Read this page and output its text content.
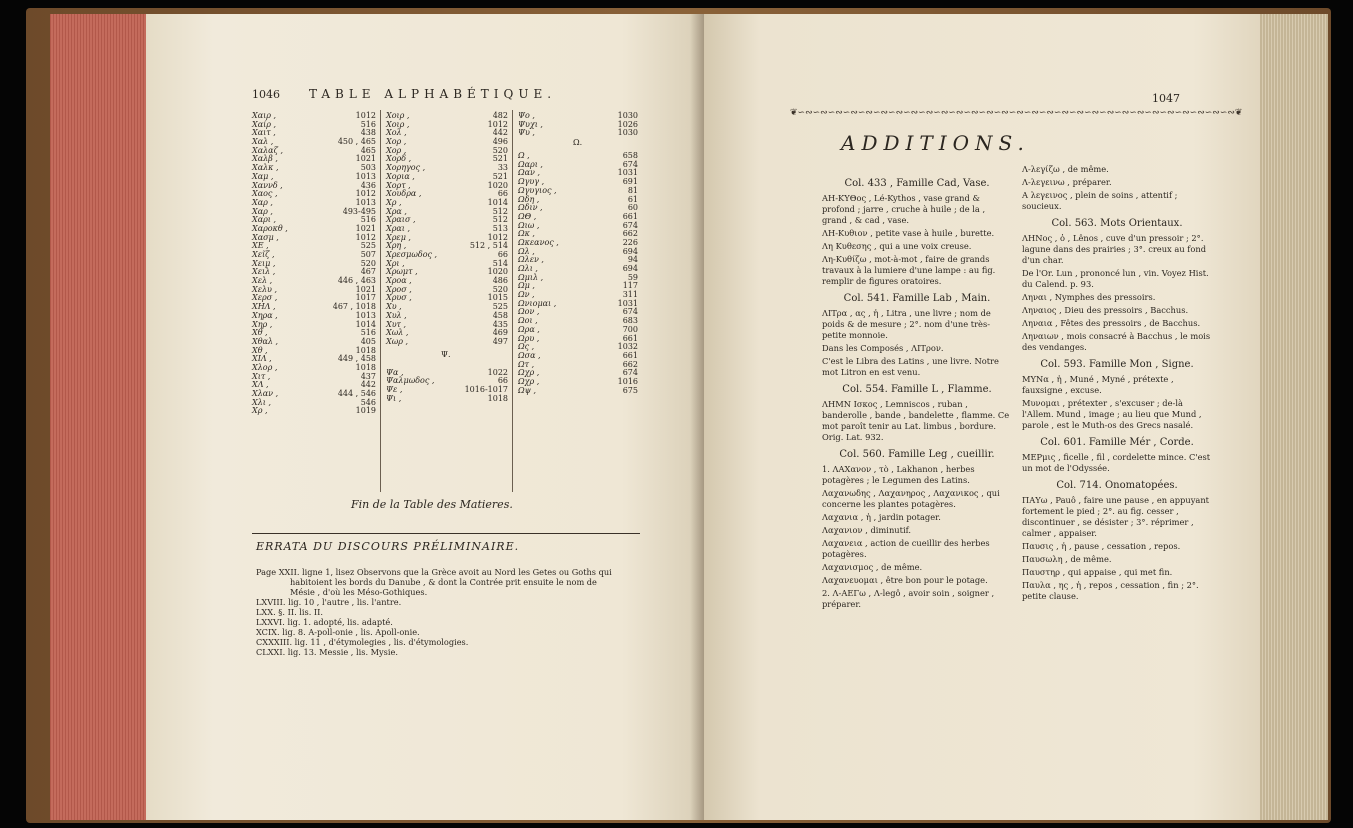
1046 TABLE ALPHABÉTIQUE.
Χαιρ ,	1012
Χαίρ ,	516
Χαιτ ,	438
Χαλ ,	450 , 465
Χαλαζ ,	465
Χαλβ ,	1021
Χαλκ ,	503
Χαμ ,	1013
Χαννδ ,	436
Χαος ,	1012
Χαρ ,	1013
Χαρ ,	493-495
Χαρι ,	516
Χαροκθ ,	1021
Χασμ ,	1012
ΧΕ ,	525
Χεῖζ ,	507
Χειμ ,	520
Χειλ ,	467
Χελ ,	446 , 463
Χελυ ,	1021
Χερσ ,	1017
ΧΗΛ ,	467 , 1018
Χηρα ,	1013
Χηρ ,	1014
Χθ ,	516
Χθαλ ,	405
Χθ ,	1018
ΧΙΛ ,	449 , 458
Χλορ ,	1018
Χιτ ,	437
ΧΛ ,	442
Χλαν ,	444 , 546
Χλι ,	546
Χρ ,	1019
Χοιρ ,	482
Χοιρ ,	1012
Χολ ,	442
Χορ ,	496
Χορ ,	520
Χορδ ,	521
Χορηγος ,	33
Χορια ,	521
Χορτ ,	1020
Χουδρα ,	66
Χρ ,	1014
Χρα ,	512
Χραισ ,	512
Χραι ,	513
Χρεμ ,	1012
Χρη ,	512 , 514
Χρεσμωδος ,	66
Χρι ,	514
Χρωμτ ,	1020
Χροα ,	486
Χροσ ,	520
Χρυσ ,	1015
Χυ ,	525
Χυλ ,	458
Χυτ ,	435
Χωλ ,	469
Χωρ ,	497
Ψ.
Ψα ,	1022
Ψαλμωδος ,	66
Ψε ,	1016-1017
Ψι ,	1018
Ψο ,	1030
Ψυχι ,	1026
Ψυ ,	1030
Ω.
Ω ,	658
Ωαρι ,	674
Ωαν ,	1031
Ωγυγ ,	691
Ωγυγιος ,	81
Ωδη ,	61
Ωδιν ,	60
ΩΘ ,	661
Ωιω ,	674
Ωκ ,	662
Ωκεανος ,	226
Ωλ ,	694
Ωλεν ,	94
Ωλι ,	694
Ωμιλ ,	59
Ωμ ,	117
Ων ,	311
Ωνιομαι ,	1031
Ωον ,	674
Ωοι ,	683
Ωρα ,	700
Ωρυ ,	661
Ως ,	1032
Ωσα ,	661
Ωτ ,	662
Ωχρ ,	674
Ωχρ ,	1016
Ωψ ,	675
Fin de la Table des Matieres.
ERRATA DU DISCOURS PRÉLIMINAIRE.
Page XXII. ligne 1, lisez Observons que la Grèce avoit au Nord les Getes ou Goths qui
habitoient les bords du Danube , & dont la Contrée prit ensuite le nom de
Mésie , d'où les Méso-Gothiques.
LXVIII. lig. 10 , l'autre , lis. l'antre.
LXX. §. II. lis. II.
LXXVI. lig. 1. adopté, lis. adapté.
XCIX. lig. 8. A-poll-onie , lis. Apoll-onie.
CXXXIII. lig. 11 , d'étymolegies , lis. d'étymologies.
CLXXI. lig. 13. Messie , lis. Mysie.
1047
❦∽∾∽∾∽∾∽∾∽∾∽∾∽∾∽∾∽∾∽∾∽∾∽∾∽∾∽∾∽∾∽∾∽∾∽∾∽∾∽∾∽∾∽∾∽∾∽∾∽∾∽∾∽∾∽∾∽∾❦
ADDITIONS.
Col. 433 , Famille Cad, Vase.
ΑΗ-ΚΥΘος , Lé-Kythos , vase grand & profond ; jarre , cruche à huile ; de la , grand , & cad , vase.
ΛΗ-Κυθιον , petite vase à huile , burette.
Λη Κυθεσης , qui a une voix creuse.
Λη-Κυθίζω , mot-à-mot , faire de grands travaux à la lumiere d'une lampe : au fig. remplir de figures oratoires.
Col. 541. Famille Lab , Main.
ΛΙΤρα , ας , ἡ , Litra , une livre ; nom de poids & de mesure ; 2°. nom d'une très-petite monnoie.
Dans les Composés , ΛΙΤρον.
C'est le Libra des Latins , une livre. Notre mot Litron en est venu.
Col. 554. Famille L , Flamme.
ΛΗΜΝ Ισκος , Lemniscos , ruban , banderolle , bande , bandelette , flamme. Ce mot paroît tenir au Lat. limbus , bordure. Orig. Lat. 932.
Col. 560. Famille Leg , cueillir.
1. ΛΑΧανον , τὸ , Lakhanon , herbes potagères ; le Legumen des Latins.
Λαχανωδης , Λαχανηρος , Λαχανικος , qui concerne les plantes potagères.
Λαχανια , ἡ , jardin potager.
Λαχανιον , diminutif.
Λαχανεια , action de cueillir des herbes potagères.
Λαχανισμος , de même.
Λαχανευομαι , être bon pour le potage.
2. Λ-ΑΕΓω , Λ-legô , avoir soin , soigner , préparer.
Λ-λεγίζω , de même.
Λ-λεγεινω , préparer.
Α λεγεινος , plein de soins , attentif ; soucieux.
Col. 563. Mots Orientaux.
ΛΗΝος , ὁ , Lênos , cuve d'un pressoir ; 2°. lagune dans des prairies ; 3°. creux au fond d'un char.
De l'Or. Lun , prononcé lun , vin. Voyez Hist. du Calend. p. 93.
Ληναι , Nymphes des pressoirs.
Ληναιος , Dieu des pressoirs , Bacchus.
Ληναια , Fêtes des pressoirs , de Bacchus.
Ληναιων , mois consacré à Bacchus , le mois des vendanges.
Col. 593. Famille Mon , Signe.
ΜΥΝα , ἡ , Muné , Myné , prétexte , fauxsigne , excuse.
Μυνομαι , prétexter , s'excuser ; de-là l'Allem. Mund , image ; au lieu que Mund , parole , est le Muth-os des Grecs nasalé.
Col. 601. Famille Mér , Corde.
ΜΕΡμις , ficelle , fil , cordelette mince. C'est un mot de l'Odyssée.
Col. 714. Onomatopées.
ΠΑΥω , Pauô , faire une pause , en appuyant fortement le pied ; 2°. au fig. cesser , discontinuer , se désister ; 3°. réprimer , calmer , appaiser.
Παυσις , ἡ , pause , cessation , repos.
Παυσωλη , de même.
Παυστηρ , qui appaise , qui met fin.
Παυλα , ης , ἡ , repos , cessation , fin ; 2°. petite clause.
